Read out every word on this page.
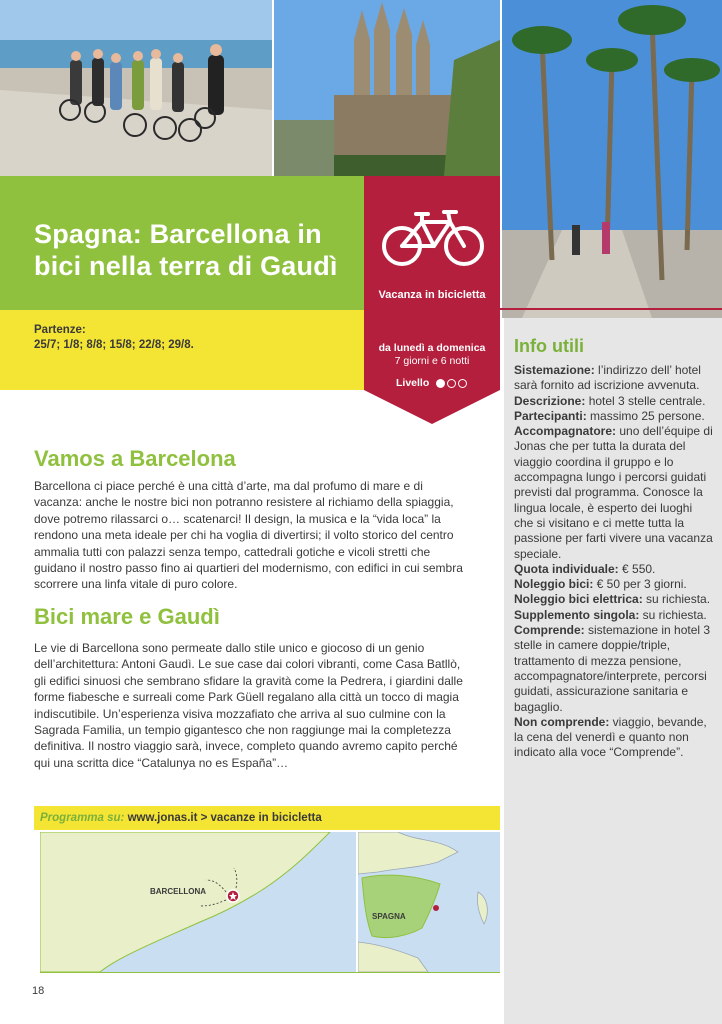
Spagna: Barcellona in bici nella terra di Gaudì
Vacanza in bicicletta
Partenze:
25/7; 1/8; 8/8; 15/8; 22/8; 29/8.	da lunedì a domenica
7 giorni e 6 notti
Livello
Info utili

Sistemazione: l’indirizzo dell’ hotel sarà fornito ad iscrizione avvenuta.

Descrizione: hotel 3 stelle centrale.

Partecipanti: massimo 25 persone.

Accompagnatore: uno dell’équipe di Jonas che per tutta la durata del viaggio coordina il gruppo e lo accompagna lungo i percorsi guidati previsti dal programma. Conosce la lingua locale, è esperto dei luoghi che si visitano e ci mette tutta la passione per farti vivere una vacanza speciale.

Quota individuale: € 550.

Noleggio bici: € 50 per 3 giorni.

Noleggio bici elettrica: su richiesta.

Supplemento singola: su richiesta.

Comprende: sistemazione in hotel 3 stelle in camere doppie/triple, trattamento di mezza pensione, accompagnatore/interprete, percorsi guidati, assicurazione sanitaria e bagaglio.

Non comprende: viaggio, bevande, la cena del venerdì e quanto non indicato alla voce “Comprende”.

Vamos a Barcelona
Barcellona ci piace perché è una città d’arte, ma dal profumo di mare e di vacanza: anche le nostre bici non potranno resistere al richiamo della spiaggia, dove potremo rilassarci o… scatenarci! Il design, la musica e la “vida loca” la rendono una meta ideale per chi ha voglia di divertirsi; il volto storico del centro ammalia tutti con palazzi senza tempo, cattedrali gotiche e vicoli stretti che guidano il nostro passo fino ai quartieri del modernismo, con edifici in cui sembra scorrere una linfa vitale di puro colore.
Bici mare e Gaudì
Le vie di Barcellona sono permeate dallo stile unico e giocoso di un genio dell’architettura: Antoni Gaudì. Le sue case dai colori vibranti, come Casa Batllò, gli edifici sinuosi che sembrano sfidare la gravità come la Pedrera, i giardini dalle forme fiabesche e surreali come Park Güell regalano alla città un tocco di magia indiscutibile. Un’esperienza visiva mozzafiato che arriva al suo culmine con la Sagrada Familia, un tempio gigantesco che non raggiunge mai la completezza definitiva. Il nostro viaggio sarà, invece, completo quando avremo capito perché qui una scritta dice “Catalunya no es España”…
Programma su: www.jonas.it > vacanze in bicicletta
BARCELLONA
SPAGNA
18
